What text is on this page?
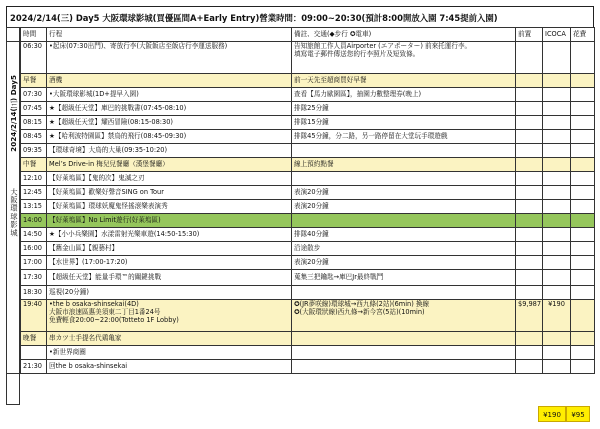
2024/2/14(三) Day5 大阪環球影城(買優區間A+Early Entry)營業時間：09:00~20:30(預計8:00開放入園 7:45提前入園)
	時間	行程	備註、交通(◆步行 ✪電車)	前置	ICOCA	花費
	06:30	•起床(07:30出門)、寄放行李(大阪飯店至飯店行李運送服務)	告知旅館工作人員Airporter (エアポーター) 前來托運行李。
填寫電子郵件傳送您的行李照片及短致條。			
	早餐	酒機	前一天先至超商買好早餐			
	07:30	•大阪環球影城(1D+提早入園)	查看【馬力歐園區】，抽園力數整理券(晚上)			
	07:45	★【超級任天堂】庫巴的挑戰書(07:45-08:10)	排隊25分鐘			
	08:15	★【超級任天堂】耀西冒險(08:15-08:30)	排隊15分鐘			
	08:45	★【哈利波特園區】禁鳥的飛行(08:45-09:30)	排隊45分鐘，分二路，另一路停留在大堂玩手環遊戲			
	09:35	【環球奇境】大鳥的大巢(09:35-10:20)				
	中餐	Mel’s Drive-in 梅兒兒餐廳（漢堡餐廳）	線上預約點餐			
	12:10	【好萊塢區】【鬼的次】鬼滅之刃				
	12:45	【好萊塢區】歡樂好聲音SING on Tour	表演20分鐘			
	13:15	【好萊塢區】環球妖魔鬼怪搖滾樂表演秀	表演20分鐘			
	14:00	【好萊塢區】No Limit遊行(好萊塢區)				
	14:50	★【小小兵樂園】水漾雷射光樂車遊(14:50-15:30)	排隊40分鐘			
	16:00	【舊金山區】【親藝村】	沿途散步			
	17:00	【水世界】(17:00-17:20)	表演20分鐘			
	17:30	【超級任天堂】能量手環™的關鍵挑戰	蒐集三把鑰匙→庫巴Jr最終戰鬥			
	18:30	巡視(20分鐘)				
	19:40	•the b osaka-shinsekai(4D)
大阪市浪速區惠美須東二丁目1番24号
免費輕食20:00~22:00(Totteto 1F Lobby)	✪(JR夢咲線)環球城→西九條(2站)(6min) 換線
✪(大阪環狀線)西九條→新今宮(5站)(10min)	$9,987	¥190	
	晚餐	串カツ士手提名代鶏亀家				
		•新世界商圈				
	21:30	回the b osaka-shinsekai				
2024/2/14(三) Day5
大阪環球影城
¥190	¥95
